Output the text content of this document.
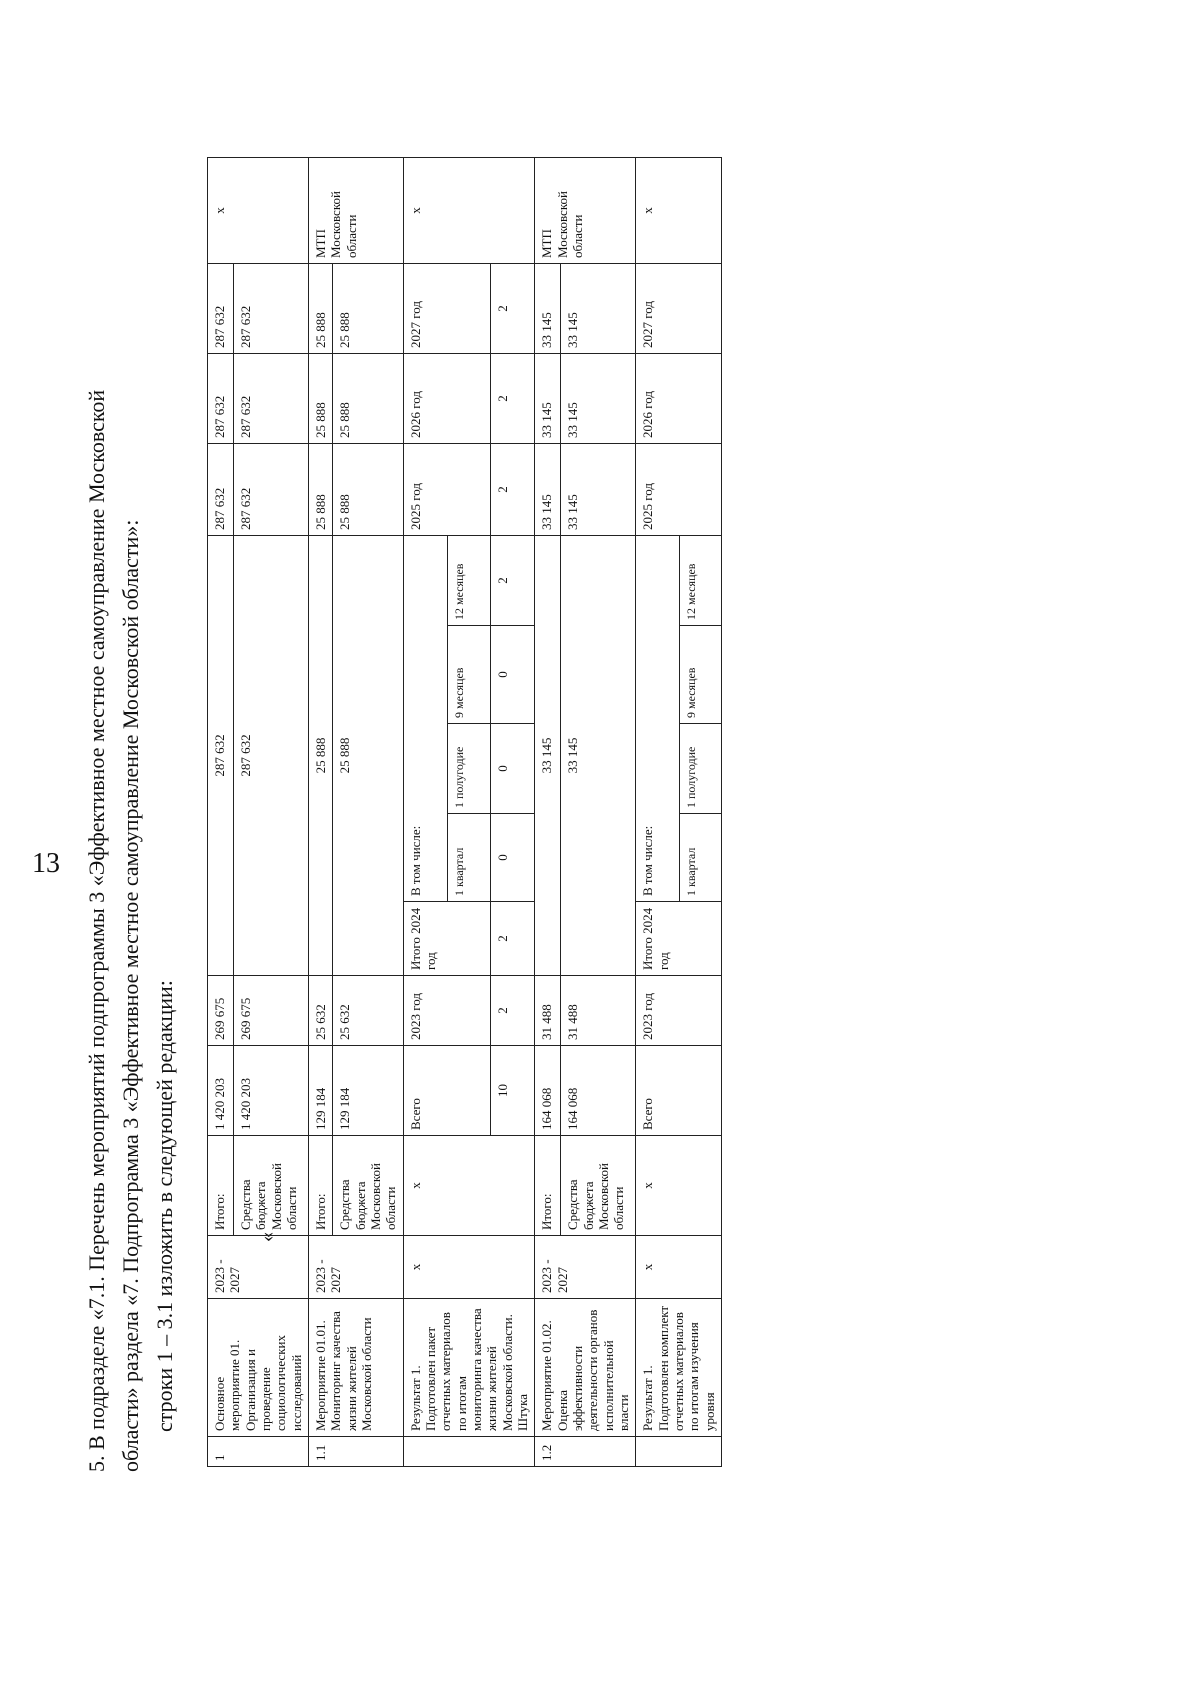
13 5. В подразделе «7.1. Перечень мероприятий подпрограммы 3 «Эффективное местное самоуправление Московской области» раздела «7. Подпрограмма 3 «Эффективное местное самоуправление Московской области»: строки 1 – 3.1 изложить в следующей редакции:	«
1	Основное мероприятие 01. Организация и проведение социологических исследований	2023 - 2027	Итого:	1 420 203	269 675	287 632					287 632	287 632	287 632	х
			Средства бюджета Московской области	1 420 203	269 675	287 632					287 632	287 632	287 632	
1.1	Мероприятие 01.01. Мониторинг качества жизни жителей Московской области	2023 - 2027	Итого:	129 184	25 632	25 888					25 888	25 888	25 888	МТП Московской области
			Средства бюджета Московской области	129 184	25 632	25 888					25 888	25 888	25 888	
	Результат 1. Подготовлен пакет отчетных материалов по итогам мониторинга качества жизни жителей Московской области. Штука	х	х	Всего	2023 год	Итого 2024 год	В том числе:				2025 год	2026 год	2027 год	х
							1 квартал	1 полугодие	9 месяцев	12 месяцев				
				10	2	2	0	0	0	2	2	2	2	
1.2	Мероприятие 01.02. Оценка эффективности деятельности органов исполнительной власти	2023 - 2027	Итого:	164 068	31 488	33 145					33 145	33 145	33 145	МТП Московской области
			Средства бюджета Московской области	164 068	31 488	33 145					33 145	33 145	33 145	
	Результат 1. Подготовлен комплект отчетных материалов по итогам изучения уровня	х	х	Всего	2023 год	Итого 2024 год	В том числе:				2025 год	2026 год	2027 год	х
							1 квартал	1 полугодие	9 месяцев	12 месяцев				
